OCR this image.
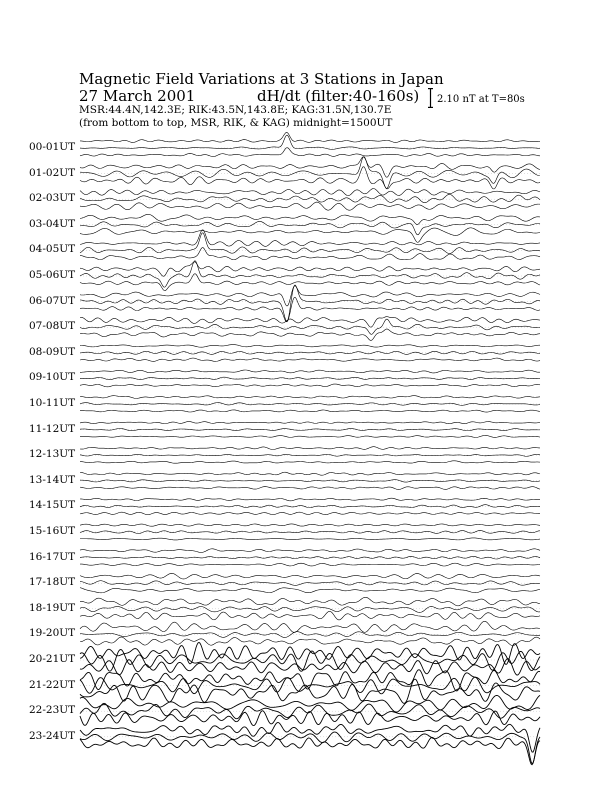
Magnetic Field Variations at 3 Stations in Japan
27 March 2001	dH/dt (filter:40-160s)
MSR:44.4N,142.3E; RIK:43.5N,143.8E; KAG:31.5N,130.7E
(from bottom to top, MSR, RIK, & KAG) midnight=1500UT
2.10 nT at T=80s
00-01UT
01-02UT
02-03UT
03-04UT
04-05UT
05-06UT
06-07UT
07-08UT
08-09UT
09-10UT
10-11UT
11-12UT
12-13UT
13-14UT
14-15UT
15-16UT
16-17UT
17-18UT
18-19UT
19-20UT
20-21UT
21-22UT
22-23UT
23-24UT
